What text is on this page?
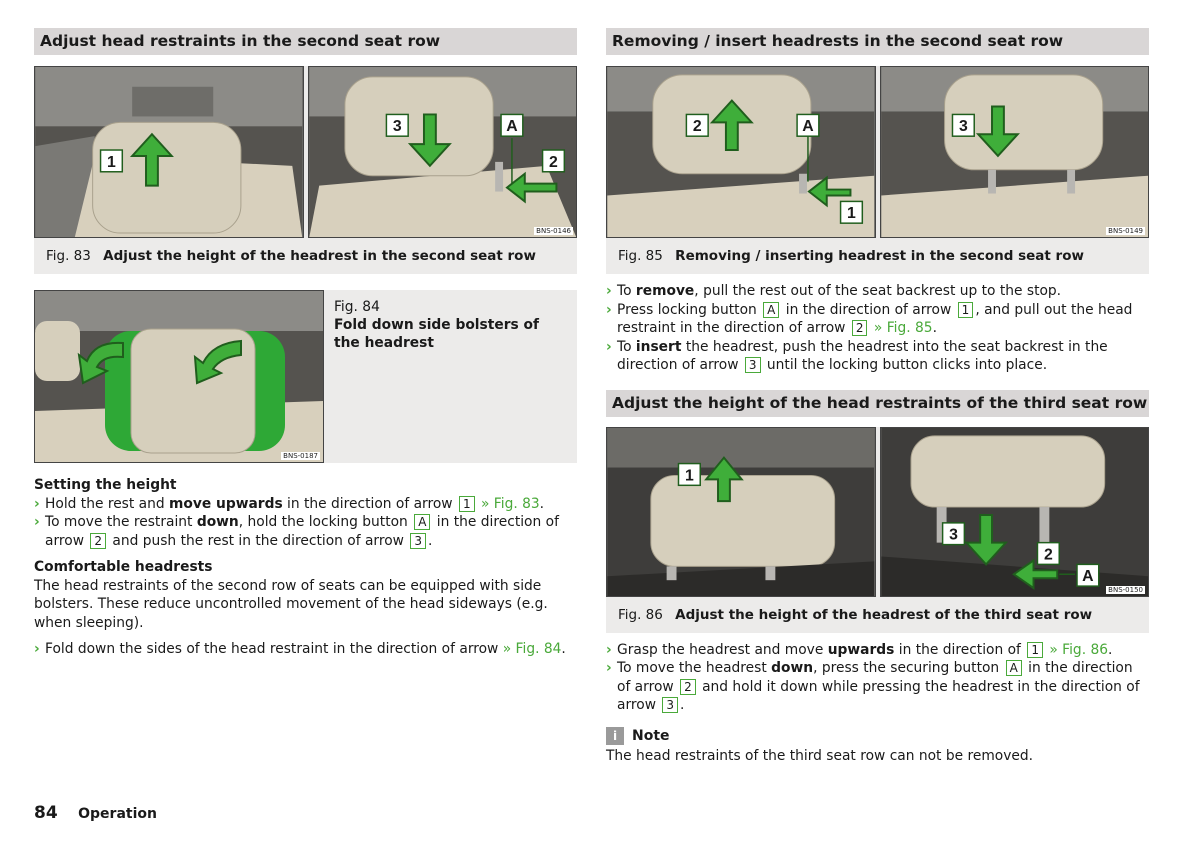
Adjust head restraints in the second seat row
1
3	A
2
BNS-0146
Fig. 83 Adjust the height of the headrest in the second seat row
BNS-0187
Fig. 84
Fold down side bolsters of the headrest

Setting the height

› Hold the rest and move upwards in the direction of arrow 1 » Fig. 83.

› To move the restraint down, hold the locking button A in the direction of arrow 2 and push the rest in the direction of arrow 3 .

Comfortable headrests

The head restraints of the second row of seats can be equipped with side bolsters. These reduce uncontrolled movement of the head sideways (e.g. when sleeping).

› Fold down the sides of the head restraint in the direction of arrow » Fig. 84.

Removing / insert headrests in the second seat row
2	A
1
3
BNS-0149
Fig. 85 Removing / inserting headrest in the second seat row

› To remove, pull the rest out of the seat backrest up to the stop.

› Press locking button A in the direction of arrow 1 , and pull out the head restraint in the direction of arrow 2 » Fig. 85.

› To insert the headrest, push the headrest into the seat backrest in the direction of arrow 3 until the locking button clicks into place.

Adjust the height of the head restraints of the third seat row
1
3
2
A
BNS-0150
Fig. 86 Adjust the height of the headrest of the third seat row

› Grasp the headrest and move upwards in the direction of 1 » Fig. 86.

› To move the headrest down, press the securing button A in the direction of arrow 2 and hold it down while pressing the headrest in the direction of arrow 3 .

i	Note

The head restraints of the third seat row can not be removed.

84 Operation
